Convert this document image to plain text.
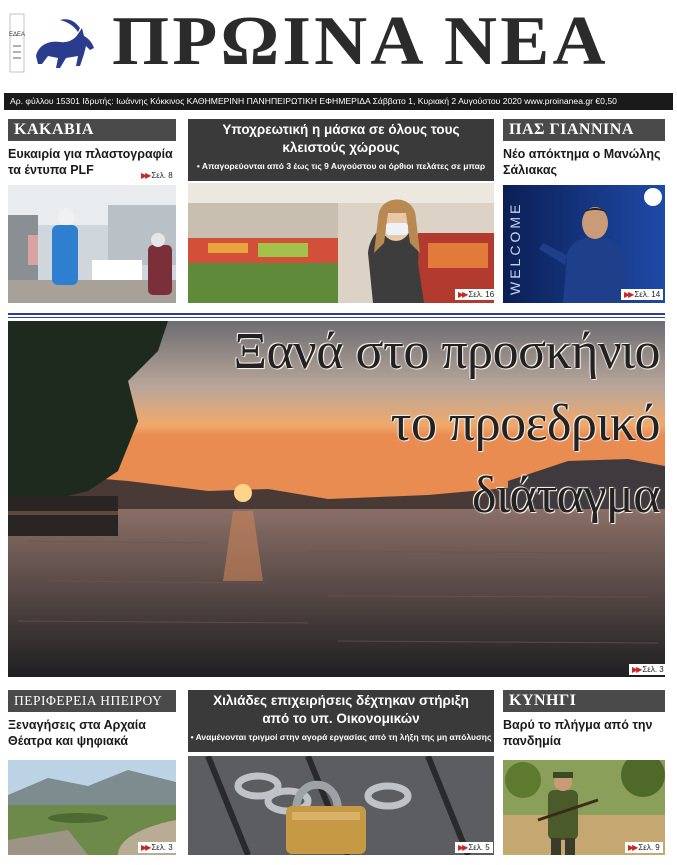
ΕΔΕΑ ΠΡΩΙΝΑ ΝΕΑ
Αρ. φύλλου 15301 Ιδρυτής: Ιωάννης Κόκκινος ΚΑΘΗΜΕΡΙΝΗ ΠΑΝΗΠΕΙΡΩΤΙΚΗ ΕΦΗΜΕΡΙΔΑ Σάββατο 1, Κυριακή 2 Αυγούστου 2020 www.proinanea.gr €0,50
ΚΑΚΑΒΙΑ
Ευκαιρία για πλαστογραφία τα έντυπα PLF	▶▶ Σελ. 8
Υποχρεωτική η μάσκα σε όλους τους κλειστούς χώρους
• Απαγορεύονται από 3 έως τις 9 Αυγούστου οι όρθιοι πελάτες σε μπαρ
▶▶ Σελ. 16
ΠΑΣ ΓΙΑΝΝΙΝΑ
Νέο απόκτημα ο Μανώλης Σάλιακας
WELCOME	▶▶ Σελ. 14
Ξανά στο προσκήνιο
το προεδρικό
διάταγμα
▶▶ Σελ. 3
ΠΕΡΙΦΕΡΕΙΑ ΗΠΕΙΡΟΥ
Ξεναγήσεις στα Αρχαία Θέατρα και ψηφιακά
▶▶ Σελ. 3
Χιλιάδες επιχειρήσεις δέχτηκαν στήριξη από το υπ. Οικονομικών
• Αναμένονται τριγμοί στην αγορά εργασίας από τη λήξη της μη απόλυσης
▶▶ Σελ. 5
ΚΥΝΗΓΙ
Βαρύ το πλήγμα από την πανδημία
▶▶ Σελ. 9
